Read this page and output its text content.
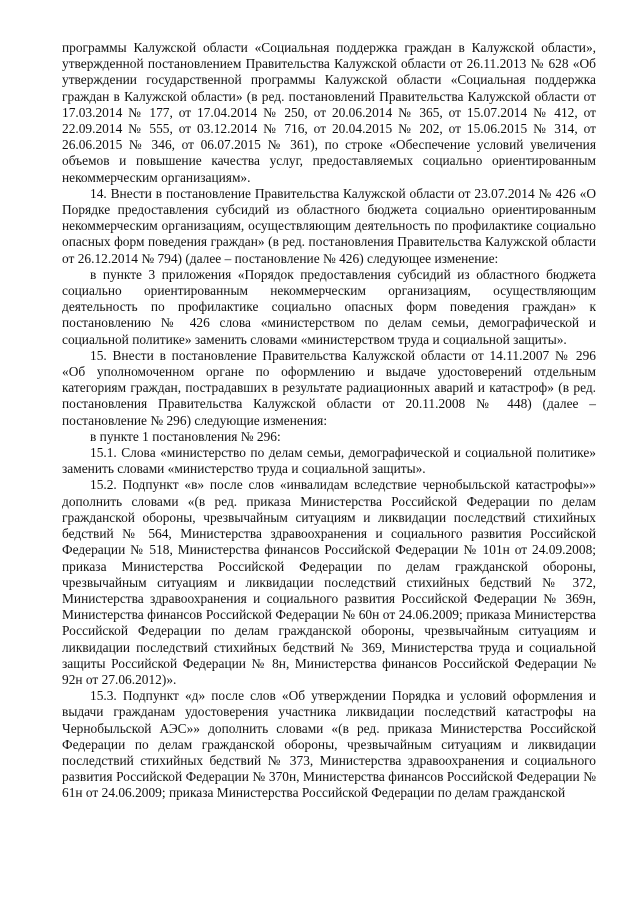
программы Калужской области «Социальная поддержка граждан в Калужской области», утвержденной постановлением Правительства Калужской области от 26.11.2013 № 628 «Об утверждении государственной программы Калужской области «Социальная поддержка граждан в Калужской области» (в ред. постановлений Правительства Калужской области от 17.03.2014 № 177, от 17.04.2014 № 250, от 20.06.2014 № 365, от 15.07.2014 № 412, от 22.09.2014 № 555, от 03.12.2014 № 716, от 20.04.2015 № 202, от 15.06.2015 № 314, от 26.06.2015 № 346, от 06.07.2015 № 361), по строке «Обеспечение условий увеличения объемов и повышение качества услуг, предоставляемых социально ориентированным некоммерческим организациям».

14. Внести в постановление Правительства Калужской области от 23.07.2014 № 426 «О Порядке предоставления субсидий из областного бюджета социально ориентированным некоммерческим организациям, осуществляющим деятельность по профилактике социально опасных форм поведения граждан» (в ред. постановления Правительства Калужской области от 26.12.2014 № 794) (далее – постановление № 426) следующее изменение:

в пункте 3 приложения «Порядок предоставления субсидий из областного бюджета социально ориентированным некоммерческим организациям, осуществляющим деятельность по профилактике социально опасных форм поведения граждан» к постановлению № 426 слова «министерством по делам семьи, демографической и социальной политике» заменить словами «министерством труда и социальной защиты».

15. Внести в постановление Правительства Калужской области от 14.11.2007 № 296 «Об уполномоченном органе по оформлению и выдаче удостоверений отдельным категориям граждан, пострадавших в результате радиационных аварий и катастроф» (в ред. постановления Правительства Калужской области от 20.11.2008 № 448) (далее – постановление № 296) следующие изменения:

в пункте 1 постановления № 296:

15.1. Слова «министерство по делам семьи, демографической и социальной политике» заменить словами «министерство труда и социальной защиты».

15.2. Подпункт «в» после слов «инвалидам вследствие чернобыльской катастрофы»» дополнить словами «(в ред. приказа Министерства Российской Федерации по делам гражданской обороны, чрезвычайным ситуациям и ликвидации последствий стихийных бедствий № 564, Министерства здравоохранения и социального развития Российской Федерации № 518, Министерства финансов Российской Федерации № 101н от 24.09.2008; приказа Министерства Российской Федерации по делам гражданской обороны, чрезвычайным ситуациям и ликвидации последствий стихийных бедствий № 372, Министерства здравоохранения и социального развития Российской Федерации № 369н, Министерства финансов Российской Федерации № 60н от 24.06.2009; приказа Министерства Российской Федерации по делам гражданской обороны, чрезвычайным ситуациям и ликвидации последствий стихийных бедствий № 369, Министерства труда и социальной защиты Российской Федерации № 8н, Министерства финансов Российской Федерации № 92н от 27.06.2012)».

15.3. Подпункт «д» после слов «Об утверждении Порядка и условий оформления и выдачи гражданам удостоверения участника ликвидации последствий катастрофы на Чернобыльской АЭС»» дополнить словами «(в ред. приказа Министерства Российской Федерации по делам гражданской обороны, чрезвычайным ситуациям и ликвидации последствий стихийных бедствий № 373, Министерства здравоохранения и социального развития Российской Федерации № 370н, Министерства финансов Российской Федерации № 61н от 24.06.2009; приказа Министерства Российской Федерации по делам гражданской
